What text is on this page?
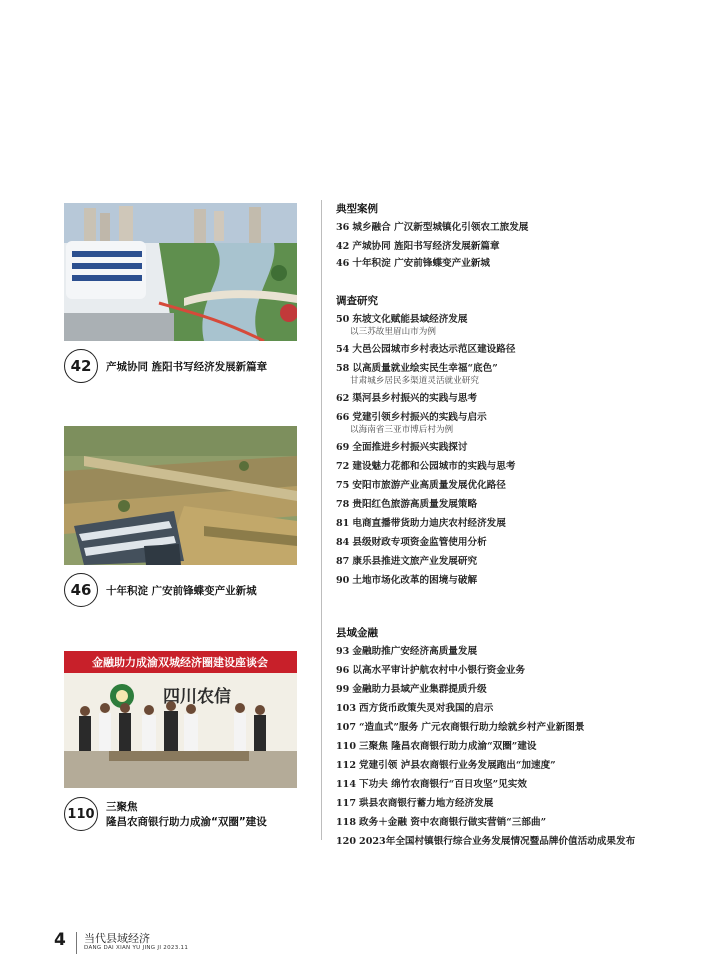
42	产城协同 旌阳书写经济发展新篇章
46	十年积淀 广安前锋蝶变产业新城
金融助力成渝双城经济圈建设座谈会
四川农信
110	三聚焦
隆昌农商银行助力成渝“双圈”建设
典型案例
36 城乡融合 广汉新型城镇化引领农工旅发展
42 产城协同 旌阳书写经济发展新篇章
46 十年积淀 广安前锋蝶变产业新城
调查研究
50 东坡文化赋能县域经济发展
以三苏故里眉山市为例
54 大邑公园城市乡村表达示范区建设路径
58 以高质量就业绘实民生幸福“底色”
甘肃城乡居民多渠道灵活就业研究
62 渠河县乡村振兴的实践与思考
66 党建引领乡村振兴的实践与启示
以海南省三亚市博后村为例
69 全面推进乡村振兴实践探讨
72 建设魅力花都和公园城市的实践与思考
75 安阳市旅游产业高质量发展优化路径
78 贵阳红色旅游高质量发展策略
81 电商直播带货助力迪庆农村经济发展
84 县级财政专项资金监管使用分析
87 康乐县推进文旅产业发展研究
90 土地市场化改革的困境与破解
县域金融
93 金融助推广安经济高质量发展
96 以高水平审计护航农村中小银行资金业务
99 金融助力县域产业集群提质升级
103 西方货币政策失灵对我国的启示
107 “造血式”服务 广元农商银行助力绘就乡村产业新图景
110 三聚焦 隆昌农商银行助力成渝“双圈”建设
112 党建引领 泸县农商银行业务发展跑出“加速度”
114 下功夫 绵竹农商银行“百日攻坚”见实效
117 珙县农商银行蓄力地方经济发展
118 政务＋金融 资中农商银行做实营销“三部曲”
120 2023年全国村镇银行综合业务发展情况暨品牌价值活动成果发布
4 当代县域经济
DANG DAI XIAN YU JING JI 2023.11
